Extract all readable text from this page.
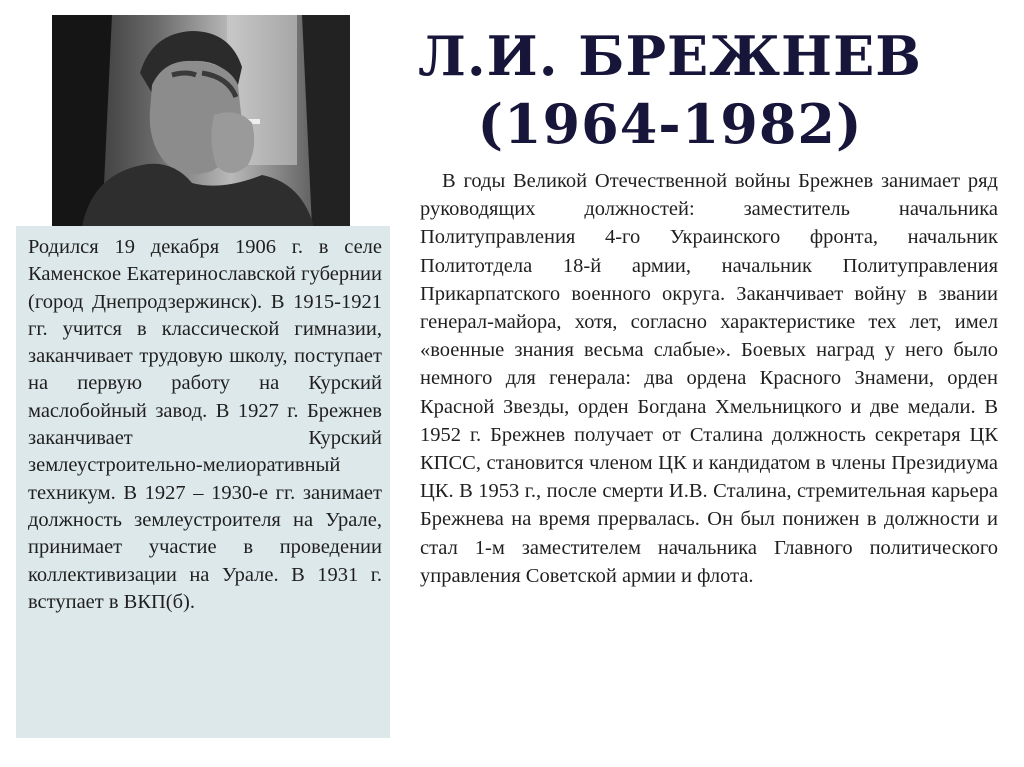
Л.И. БРЕЖНЕВ
(1964-1982)

Родился 19 декабря 1906 г. в селе Каменское Екатеринославской губернии (город Днепродзержинск). В 1915-1921 гг. учится в классической гимназии, заканчивает трудовую школу, поступает на первую работу на Курский маслобойный завод. В 1927 г. Брежнев заканчивает Курский землеустроительно-мелиоративный техникум. В 1927 – 1930-е гг. занимает должность землеустроителя на Урале, принимает участие в проведении коллективизации на Урале. В 1931 г. вступает в ВКП(б).

В годы Великой Отечественной войны Брежнев занимает ряд руководящих должностей: заместитель начальника Политуправления 4-го Украинского фронта, начальник Политотдела 18-й армии, начальник Политуправления Прикарпатского военного округа. Заканчивает войну в звании генерал-майора, хотя, согласно характеристике тех лет, имел «военные знания весьма слабые». Боевых наград у него было немного для генерала: два ордена Красного Знамени, орден Красной Звезды, орден Богдана Хмельницкого и две медали. В 1952 г. Брежнев получает от Сталина должность секретаря ЦК КПСС, становится членом ЦК и кандидатом в члены Президиума ЦК. В 1953 г., после смерти И.В. Сталина, стремительная карьера Брежнева на время прервалась. Он был понижен в должности и стал 1-м заместителем начальника Главного политического управления Советской армии и флота.
